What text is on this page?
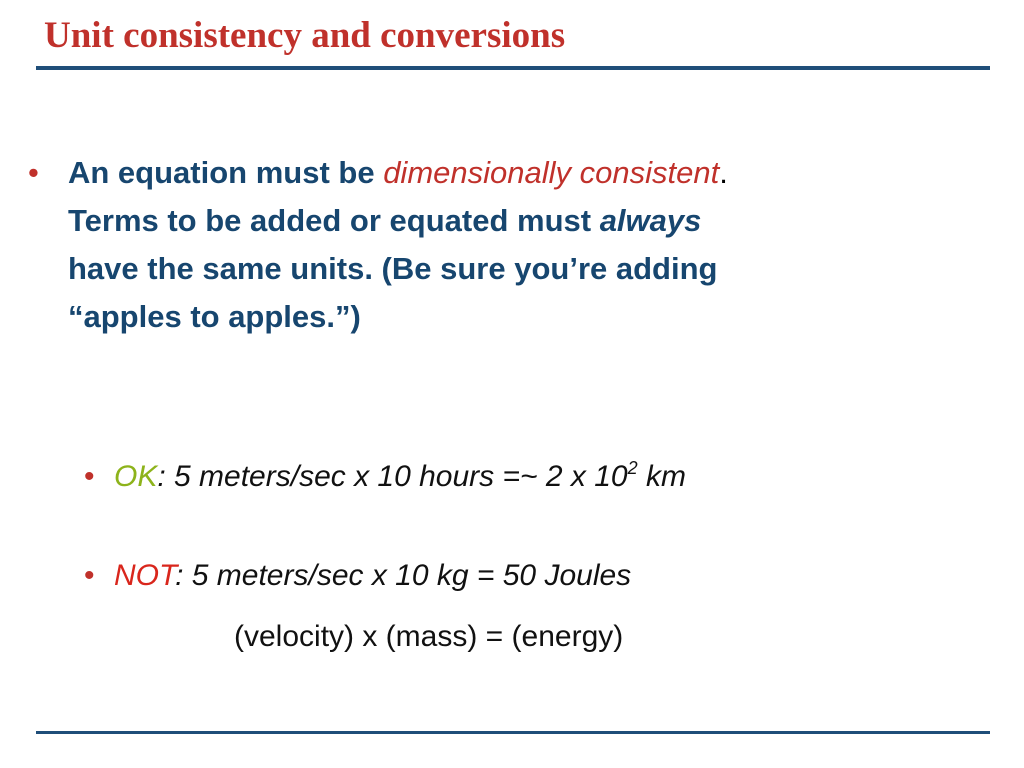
Unit consistency and conversions
• An equation must be dimensionally consistent.
Terms to be added or equated must always
have the same units. (Be sure you’re adding
“apples to apples.”)
• OK: 5 meters/sec x 10 hours =~ 2 x $10^2$ km
• NOT: 5 meters/sec x 10 kg = 50 Joules
(velocity) x (mass) = (energy)
